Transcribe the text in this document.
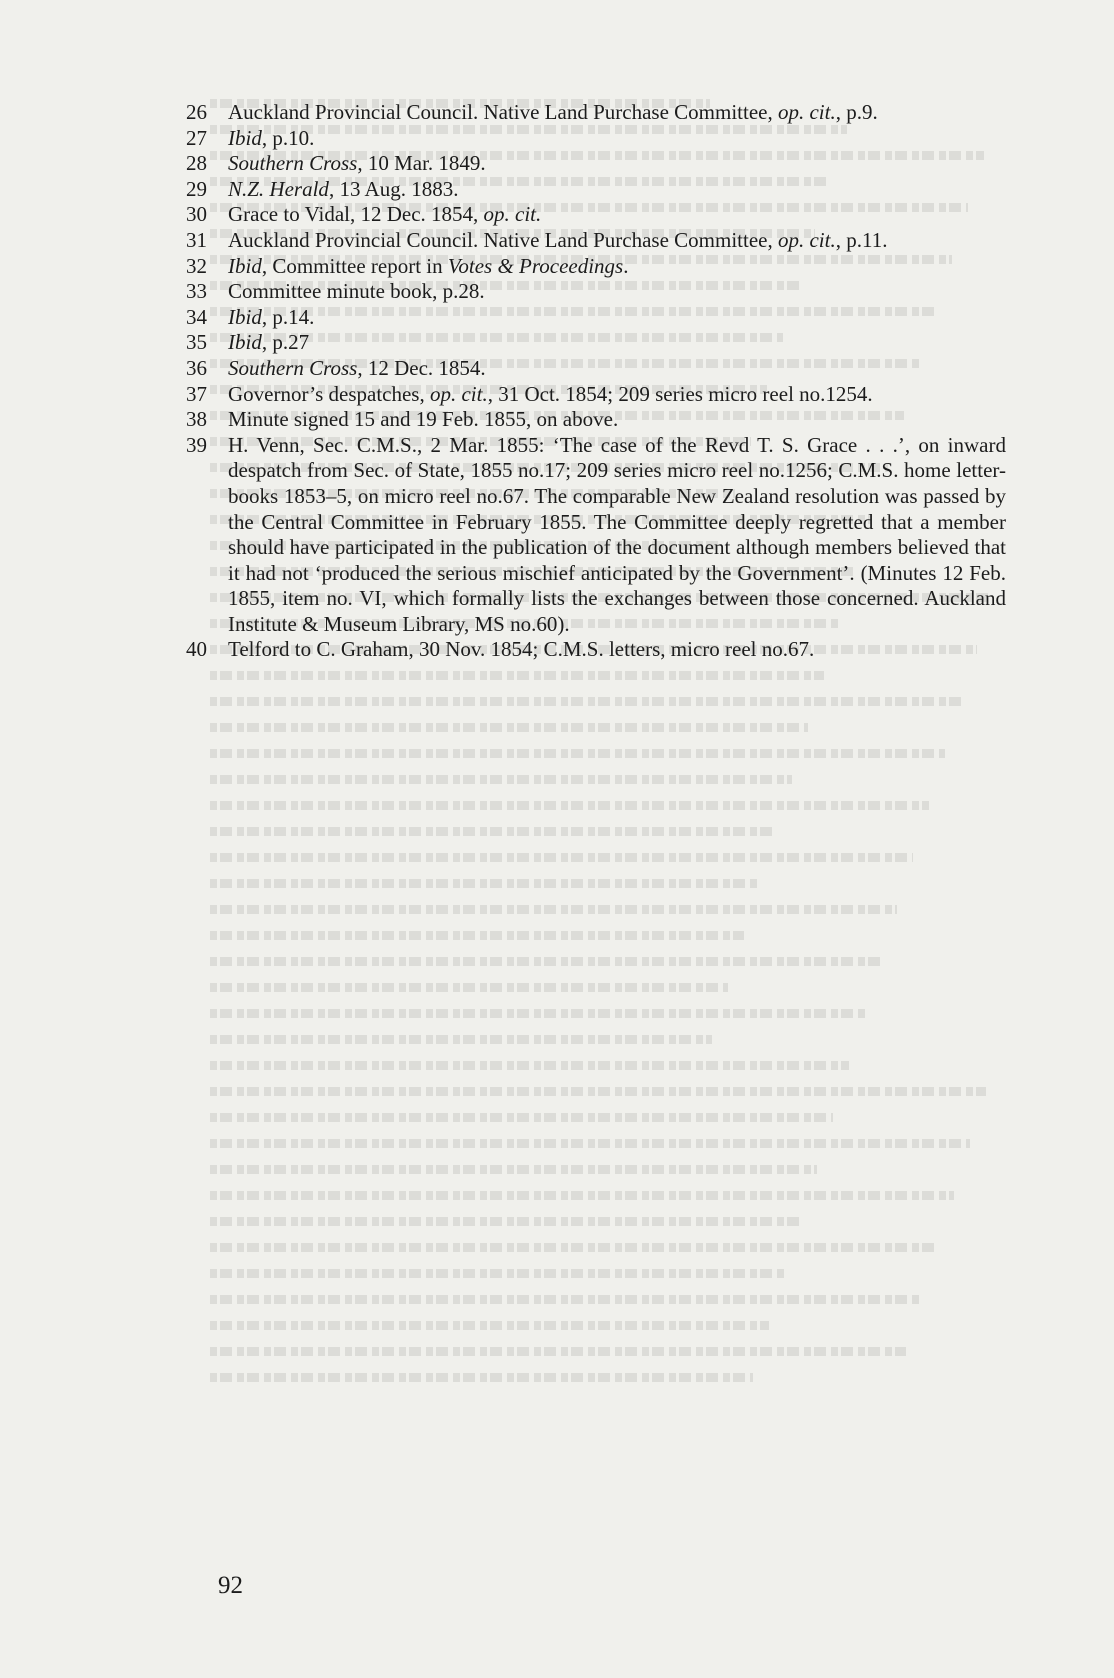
26	Auckland Provincial Council. Native Land Purchase Committee, op. cit., p.9.
27	Ibid, p.10.
28	Southern Cross, 10 Mar. 1849.
29	N.Z. Herald, 13 Aug. 1883.
30	Grace to Vidal, 12 Dec. 1854, op. cit.
31	Auckland Provincial Council. Native Land Purchase Committee, op. cit., p.11.
32	Ibid, Committee report in Votes & Proceedings.
33	Committee minute book, p.28.
34	Ibid, p.14.
35	Ibid, p.27
36	Southern Cross, 12 Dec. 1854.
37	Governor’s despatches, op. cit., 31 Oct. 1854; 209 series micro reel no.1254.
38	Minute signed 15 and 19 Feb. 1855, on above.
39	H. Venn, Sec. C.M.S., 2 Mar. 1855: ‘The case of the Revd T. S. Grace . . .’, on inward despatch from Sec. of State, 1855 no.17; 209 series micro reel no.1256; C.M.S. home letter-books 1853–5, on micro reel no.67. The comparable New Zealand resolution was passed by the Central Committee in February 1855. The Committee deeply regretted that a member should have participated in the publication of the document although members believed that it had not ‘produced the serious mischief anticipated by the Government’. (Minutes 12 Feb. 1855, item no. VI, which formally lists the exchanges between those concerned. Auckland Institute & Museum Library, MS no.60).
40	Telford to C. Graham, 30 Nov. 1854; C.M.S. letters, micro reel no.67.
92
